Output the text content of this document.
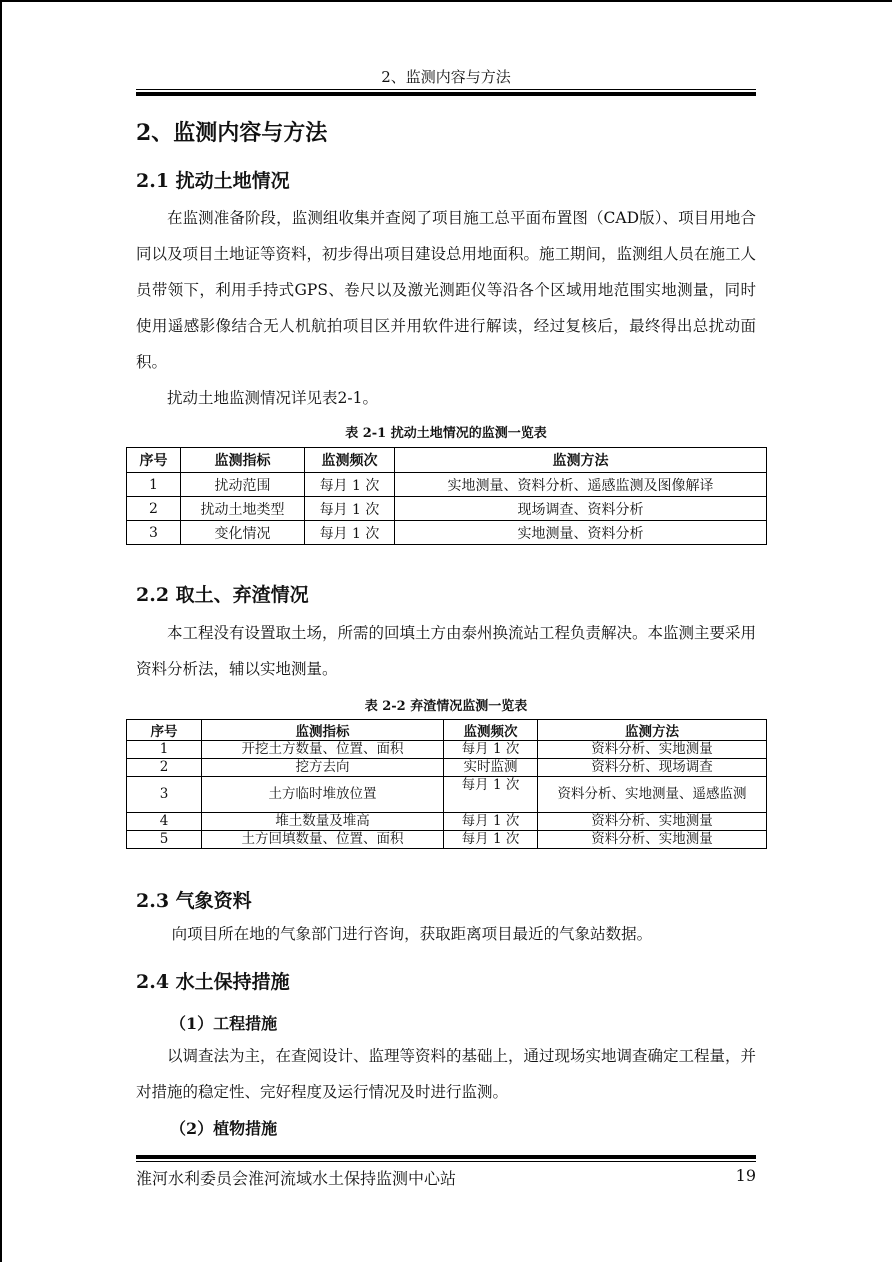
2、监测内容与方法
2、监测内容与方法
2.1 扰动土地情况

在监测准备阶段，监测组收集并查阅了项目施工总平面布置图（CAD版）、项目用地合同以及项目土地证等资料，初步得出项目建设总用地面积。施工期间，监测组人员在施工人员带领下，利用手持式GPS、卷尺以及激光测距仪等沿各个区域用地范围实地测量，同时使用遥感影像结合无人机航拍项目区并用软件进行解读，经过复核后，最终得出总扰动面积。

扰动土地监测情况详见表2-1。

表 2-1 扰动土地情况的监测一览表
序号	监测指标	监测频次	监测方法
1	扰动范围	每月 1 次	实地测量、资料分析、遥感监测及图像解译
2	扰动土地类型	每月 1 次	现场调查、资料分析
3	变化情况	每月 1 次	实地测量、资料分析
2.2 取土、弃渣情况

本工程没有设置取土场，所需的回填土方由泰州换流站工程负责解决。本监测主要采用资料分析法，辅以实地测量。

表 2-2 弃渣情况监测一览表
序号	监测指标	监测频次	监测方法
1	开挖土方数量、位置、面积	每月 1 次	资料分析、实地测量
2	挖方去向	实时监测	资料分析、现场调查
3	土方临时堆放位置	每月 1 次	资料分析、实地测量、遥感监测
4	堆土数量及堆高	每月 1 次	资料分析、实地测量
5	土方回填数量、位置、面积	每月 1 次	资料分析、实地测量
2.3 气象资料

向项目所在地的气象部门进行咨询，获取距离项目最近的气象站数据。

2.4 水土保持措施
（1）工程措施

以调查法为主，在查阅设计、监理等资料的基础上，通过现场实地调查确定工程量，并对措施的稳定性、完好程度及运行情况及时进行监测。

（2）植物措施
淮河水利委员会淮河流域水土保持监测中心站	19
